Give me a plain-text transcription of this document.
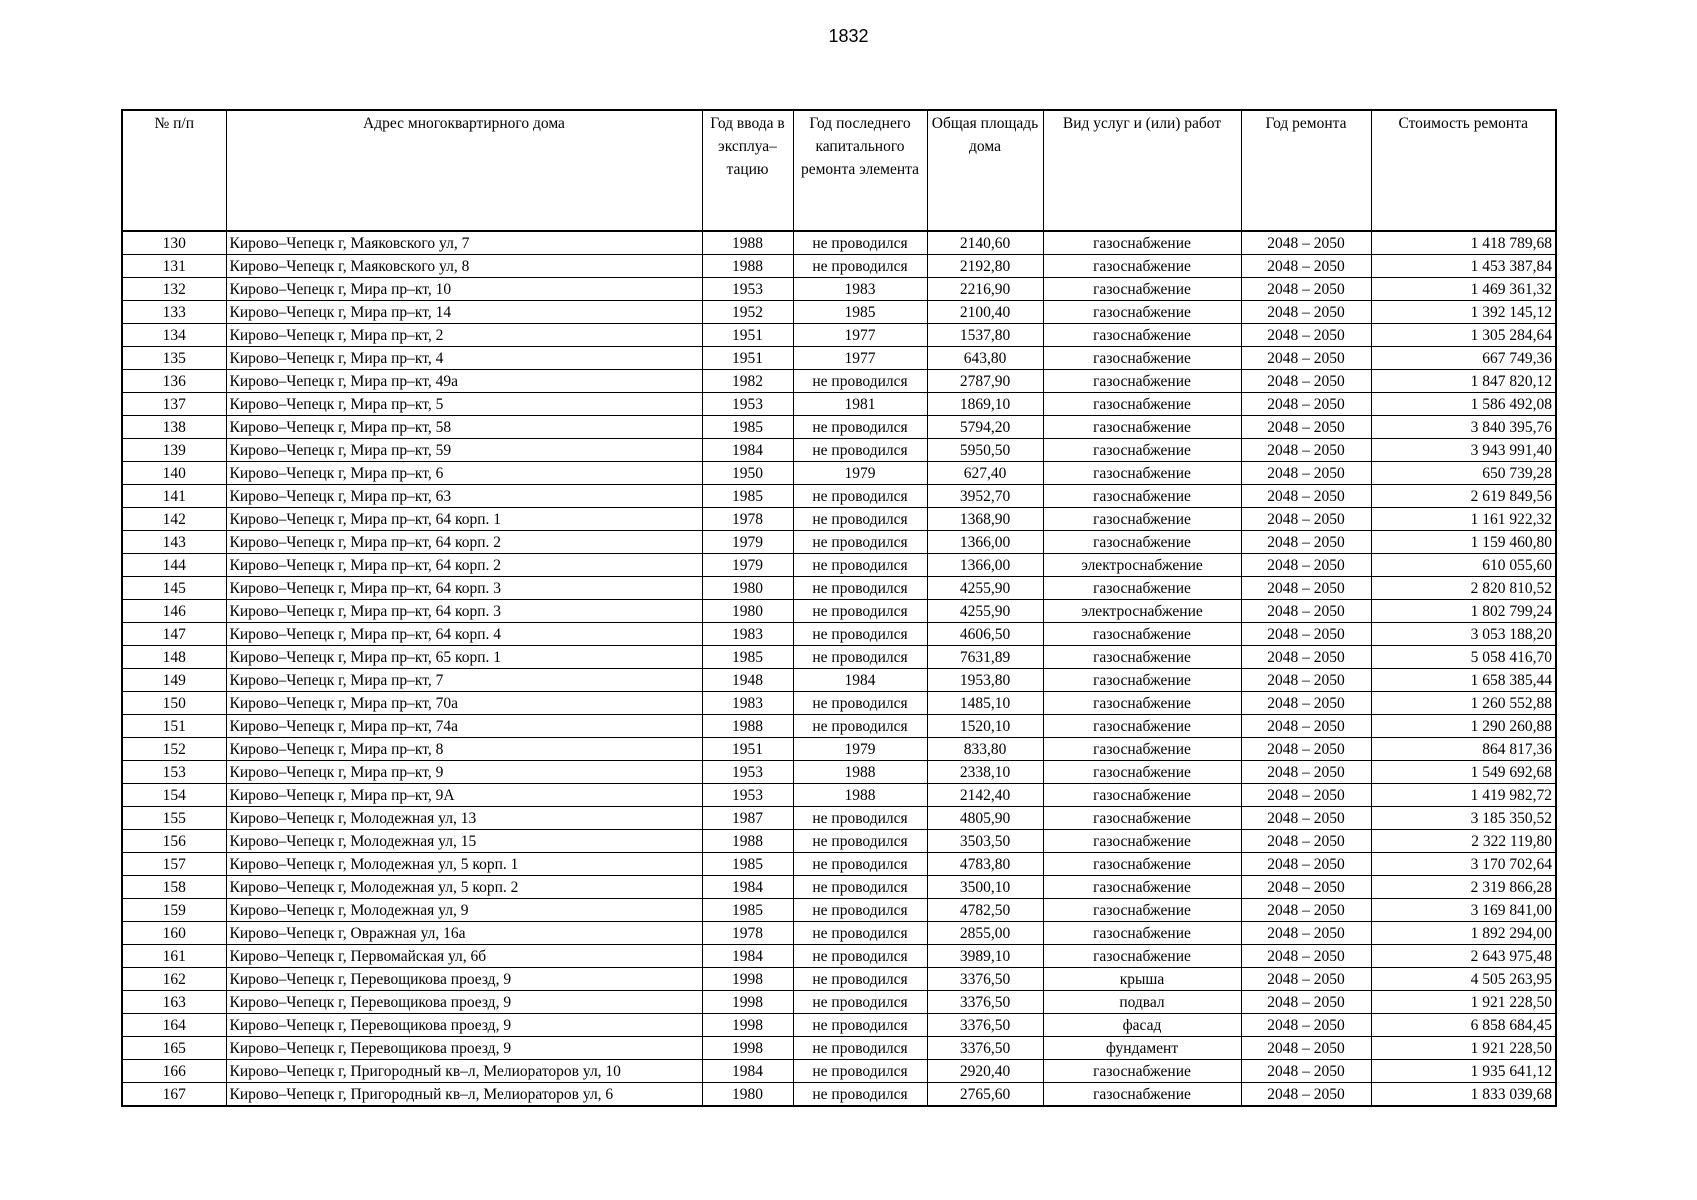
1832
№ п/п	Адрес многоквартирного дома	Год ввода в эксплуа–тацию	Год последнего капитального ремонта элемента	Общая площадь дома	Вид услуг и (или) работ	Год ремонта	Стоимость ремонта
130	Кирово–Чепецк г, Маяковского ул, 7	1988	не проводился	2140,60	газоснабжение	2048 – 2050	1 418 789,68
131	Кирово–Чепецк г, Маяковского ул, 8	1988	не проводился	2192,80	газоснабжение	2048 – 2050	1 453 387,84
132	Кирово–Чепецк г, Мира пр–кт, 10	1953	1983	2216,90	газоснабжение	2048 – 2050	1 469 361,32
133	Кирово–Чепецк г, Мира пр–кт, 14	1952	1985	2100,40	газоснабжение	2048 – 2050	1 392 145,12
134	Кирово–Чепецк г, Мира пр–кт, 2	1951	1977	1537,80	газоснабжение	2048 – 2050	1 305 284,64
135	Кирово–Чепецк г, Мира пр–кт, 4	1951	1977	643,80	газоснабжение	2048 – 2050	667 749,36
136	Кирово–Чепецк г, Мира пр–кт, 49а	1982	не проводился	2787,90	газоснабжение	2048 – 2050	1 847 820,12
137	Кирово–Чепецк г, Мира пр–кт, 5	1953	1981	1869,10	газоснабжение	2048 – 2050	1 586 492,08
138	Кирово–Чепецк г, Мира пр–кт, 58	1985	не проводился	5794,20	газоснабжение	2048 – 2050	3 840 395,76
139	Кирово–Чепецк г, Мира пр–кт, 59	1984	не проводился	5950,50	газоснабжение	2048 – 2050	3 943 991,40
140	Кирово–Чепецк г, Мира пр–кт, 6	1950	1979	627,40	газоснабжение	2048 – 2050	650 739,28
141	Кирово–Чепецк г, Мира пр–кт, 63	1985	не проводился	3952,70	газоснабжение	2048 – 2050	2 619 849,56
142	Кирово–Чепецк г, Мира пр–кт, 64 корп. 1	1978	не проводился	1368,90	газоснабжение	2048 – 2050	1 161 922,32
143	Кирово–Чепецк г, Мира пр–кт, 64 корп. 2	1979	не проводился	1366,00	газоснабжение	2048 – 2050	1 159 460,80
144	Кирово–Чепецк г, Мира пр–кт, 64 корп. 2	1979	не проводился	1366,00	электроснабжение	2048 – 2050	610 055,60
145	Кирово–Чепецк г, Мира пр–кт, 64 корп. 3	1980	не проводился	4255,90	газоснабжение	2048 – 2050	2 820 810,52
146	Кирово–Чепецк г, Мира пр–кт, 64 корп. 3	1980	не проводился	4255,90	электроснабжение	2048 – 2050	1 802 799,24
147	Кирово–Чепецк г, Мира пр–кт, 64 корп. 4	1983	не проводился	4606,50	газоснабжение	2048 – 2050	3 053 188,20
148	Кирово–Чепецк г, Мира пр–кт, 65 корп. 1	1985	не проводился	7631,89	газоснабжение	2048 – 2050	5 058 416,70
149	Кирово–Чепецк г, Мира пр–кт, 7	1948	1984	1953,80	газоснабжение	2048 – 2050	1 658 385,44
150	Кирово–Чепецк г, Мира пр–кт, 70а	1983	не проводился	1485,10	газоснабжение	2048 – 2050	1 260 552,88
151	Кирово–Чепецк г, Мира пр–кт, 74а	1988	не проводился	1520,10	газоснабжение	2048 – 2050	1 290 260,88
152	Кирово–Чепецк г, Мира пр–кт, 8	1951	1979	833,80	газоснабжение	2048 – 2050	864 817,36
153	Кирово–Чепецк г, Мира пр–кт, 9	1953	1988	2338,10	газоснабжение	2048 – 2050	1 549 692,68
154	Кирово–Чепецк г, Мира пр–кт, 9А	1953	1988	2142,40	газоснабжение	2048 – 2050	1 419 982,72
155	Кирово–Чепецк г, Молодежная ул, 13	1987	не проводился	4805,90	газоснабжение	2048 – 2050	3 185 350,52
156	Кирово–Чепецк г, Молодежная ул, 15	1988	не проводился	3503,50	газоснабжение	2048 – 2050	2 322 119,80
157	Кирово–Чепецк г, Молодежная ул, 5 корп. 1	1985	не проводился	4783,80	газоснабжение	2048 – 2050	3 170 702,64
158	Кирово–Чепецк г, Молодежная ул, 5 корп. 2	1984	не проводился	3500,10	газоснабжение	2048 – 2050	2 319 866,28
159	Кирово–Чепецк г, Молодежная ул, 9	1985	не проводился	4782,50	газоснабжение	2048 – 2050	3 169 841,00
160	Кирово–Чепецк г, Овражная ул, 16а	1978	не проводился	2855,00	газоснабжение	2048 – 2050	1 892 294,00
161	Кирово–Чепецк г, Первомайская ул, 6б	1984	не проводился	3989,10	газоснабжение	2048 – 2050	2 643 975,48
162	Кирово–Чепецк г, Перевощикова проезд, 9	1998	не проводился	3376,50	крыша	2048 – 2050	4 505 263,95
163	Кирово–Чепецк г, Перевощикова проезд, 9	1998	не проводился	3376,50	подвал	2048 – 2050	1 921 228,50
164	Кирово–Чепецк г, Перевощикова проезд, 9	1998	не проводился	3376,50	фасад	2048 – 2050	6 858 684,45
165	Кирово–Чепецк г, Перевощикова проезд, 9	1998	не проводился	3376,50	фундамент	2048 – 2050	1 921 228,50
166	Кирово–Чепецк г, Пригородный кв–л, Мелиораторов ул, 10	1984	не проводился	2920,40	газоснабжение	2048 – 2050	1 935 641,12
167	Кирово–Чепецк г, Пригородный кв–л, Мелиораторов ул, 6	1980	не проводился	2765,60	газоснабжение	2048 – 2050	1 833 039,68
